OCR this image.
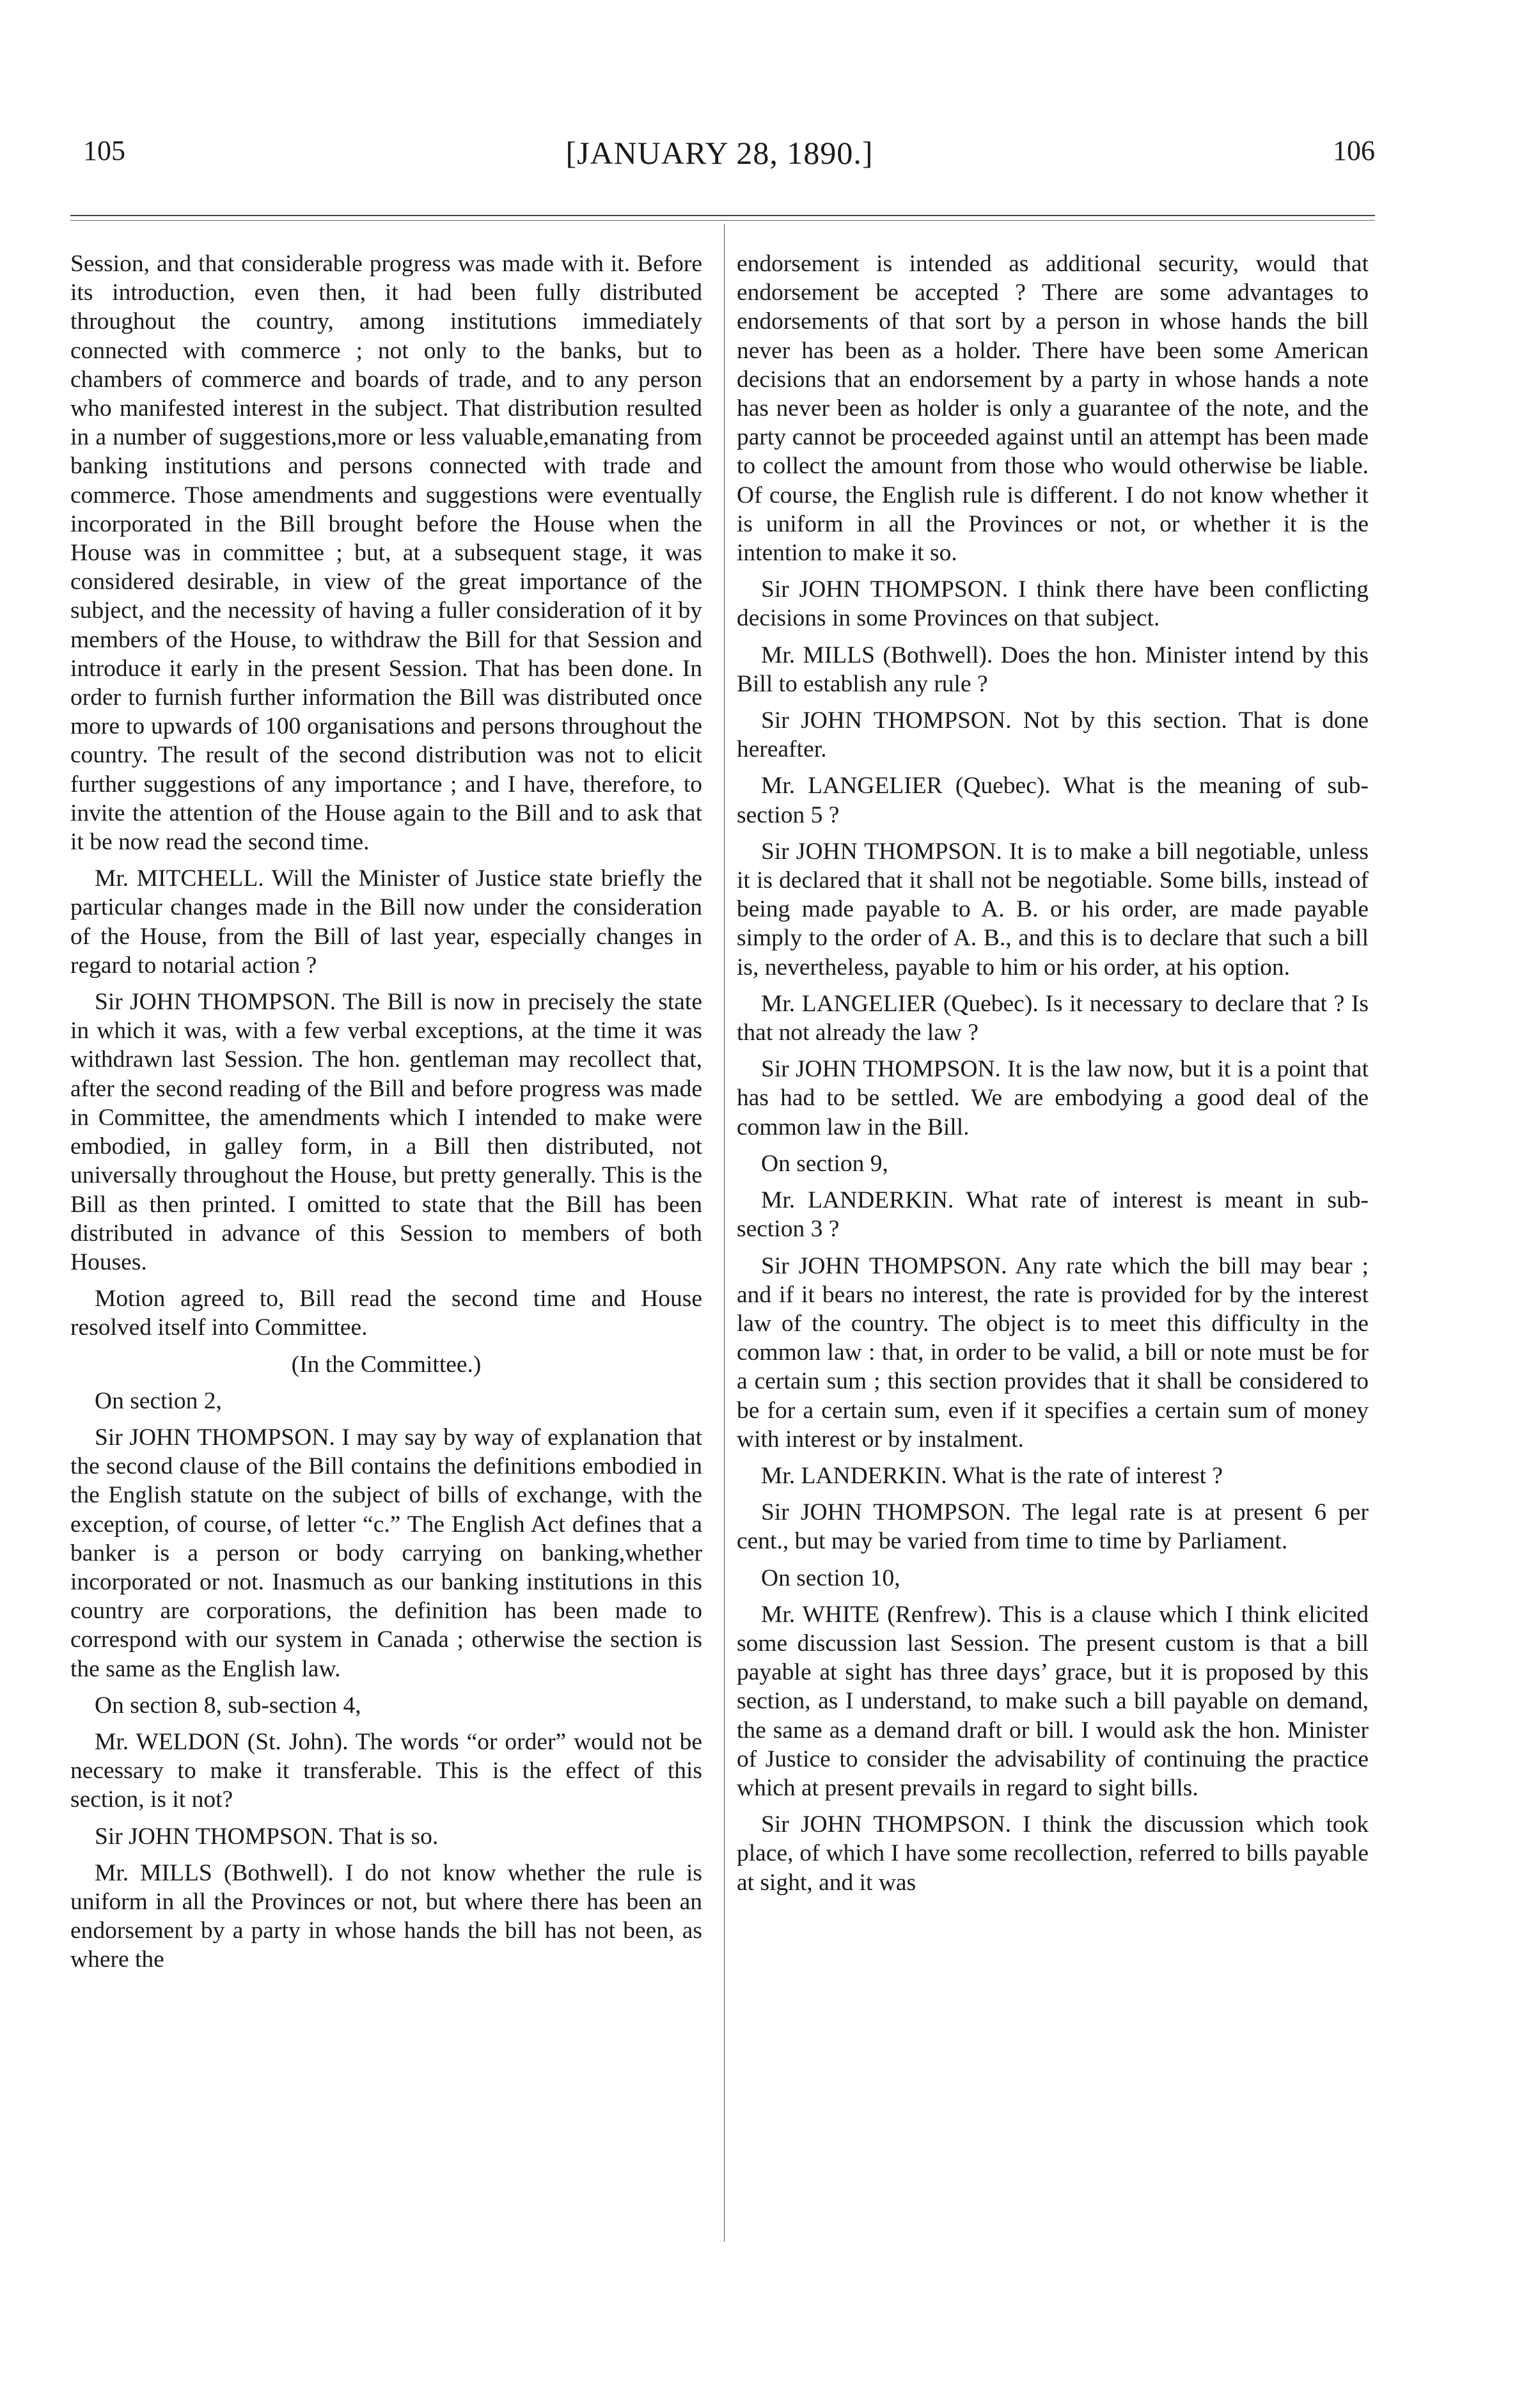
105	[JANUARY 28, 1890.]	106

Session, and that considerable progress was made with it. Before its introduction, even then, it had been fully distributed throughout the country, among institutions immediately connected with commerce ; not only to the banks, but to chambers of commerce and boards of trade, and to any person who manifested interest in the subject. That distribution resulted in a number of suggestions,more or less valuable,emanating from banking institutions and persons connected with trade and commerce. Those amendments and suggestions were eventually incorporated in the Bill brought before the House when the House was in committee ; but, at a subsequent stage, it was considered desirable, in view of the great importance of the subject, and the necessity of having a fuller consideration of it by members of the House, to withdraw the Bill for that Session and introduce it early in the present Session. That has been done. In order to furnish further information the Bill was distributed once more to upwards of 100 organisations and persons throughout the country. The result of the second distribution was not to elicit further suggestions of any importance ; and I have, therefore, to invite the attention of the House again to the Bill and to ask that it be now read the second time.

Mr. MITCHELL. Will the Minister of Justice state briefly the particular changes made in the Bill now under the consideration of the House, from the Bill of last year, especially changes in regard to notarial action ?

Sir JOHN THOMPSON. The Bill is now in precisely the state in which it was, with a few verbal exceptions, at the time it was withdrawn last Session. The hon. gentleman may recollect that, after the second reading of the Bill and before progress was made in Committee, the amendments which I intended to make were embodied, in galley form, in a Bill then distributed, not universally throughout the House, but pretty generally. This is the Bill as then printed. I omitted to state that the Bill has been distributed in advance of this Session to members of both Houses.

Motion agreed to, Bill read the second time and House resolved itself into Committee.

(In the Committee.)

On section 2,

Sir JOHN THOMPSON. I may say by way of explanation that the second clause of the Bill contains the definitions embodied in the English statute on the subject of bills of exchange, with the exception, of course, of letter “c.” The English Act defines that a banker is a person or body carrying on banking,whether incorporated or not. Inasmuch as our banking institutions in this country are corporations, the definition has been made to correspond with our system in Canada ; otherwise the section is the same as the English law.

On section 8, sub-section 4,

Mr. WELDON (St. John). The words “or order” would not be necessary to make it transferable. This is the effect of this section, is it not?

Sir JOHN THOMPSON. That is so.

Mr. MILLS (Bothwell). I do not know whether the rule is uniform in all the Provinces or not, but where there has been an endorsement by a party in whose hands the bill has not been, as where the

endorsement is intended as additional security, would that endorsement be accepted ? There are some advantages to endorsements of that sort by a person in whose hands the bill never has been as a holder. There have been some American decisions that an endorsement by a party in whose hands a note has never been as holder is only a guarantee of the note, and the party cannot be proceeded against until an attempt has been made to collect the amount from those who would otherwise be liable. Of course, the English rule is different. I do not know whether it is uniform in all the Provinces or not, or whether it is the intention to make it so.

Sir JOHN THOMPSON. I think there have been conflicting decisions in some Provinces on that subject.

Mr. MILLS (Bothwell). Does the hon. Minister intend by this Bill to establish any rule ?

Sir JOHN THOMPSON. Not by this section. That is done hereafter.

Mr. LANGELIER (Quebec). What is the meaning of sub-section 5 ?

Sir JOHN THOMPSON. It is to make a bill negotiable, unless it is declared that it shall not be negotiable. Some bills, instead of being made payable to A. B. or his order, are made payable simply to the order of A. B., and this is to declare that such a bill is, nevertheless, payable to him or his order, at his option.

Mr. LANGELIER (Quebec). Is it necessary to declare that ? Is that not already the law ?

Sir JOHN THOMPSON. It is the law now, but it is a point that has had to be settled. We are embodying a good deal of the common law in the Bill.

On section 9,

Mr. LANDERKIN. What rate of interest is meant in sub-section 3 ?

Sir JOHN THOMPSON. Any rate which the bill may bear ; and if it bears no interest, the rate is provided for by the interest law of the country. The object is to meet this difficulty in the common law : that, in order to be valid, a bill or note must be for a certain sum ; this section provides that it shall be considered to be for a certain sum, even if it specifies a certain sum of money with interest or by instalment.

Mr. LANDERKIN. What is the rate of interest ?

Sir JOHN THOMPSON. The legal rate is at present 6 per cent., but may be varied from time to time by Parliament.

On section 10,

Mr. WHITE (Renfrew). This is a clause which I think elicited some discussion last Session. The present custom is that a bill payable at sight has three days’ grace, but it is proposed by this section, as I understand, to make such a bill payable on demand, the same as a demand draft or bill. I would ask the hon. Minister of Justice to consider the advisability of continuing the practice which at present prevails in regard to sight bills.

Sir JOHN THOMPSON. I think the discussion which took place, of which I have some recollection, referred to bills payable at sight, and it was
